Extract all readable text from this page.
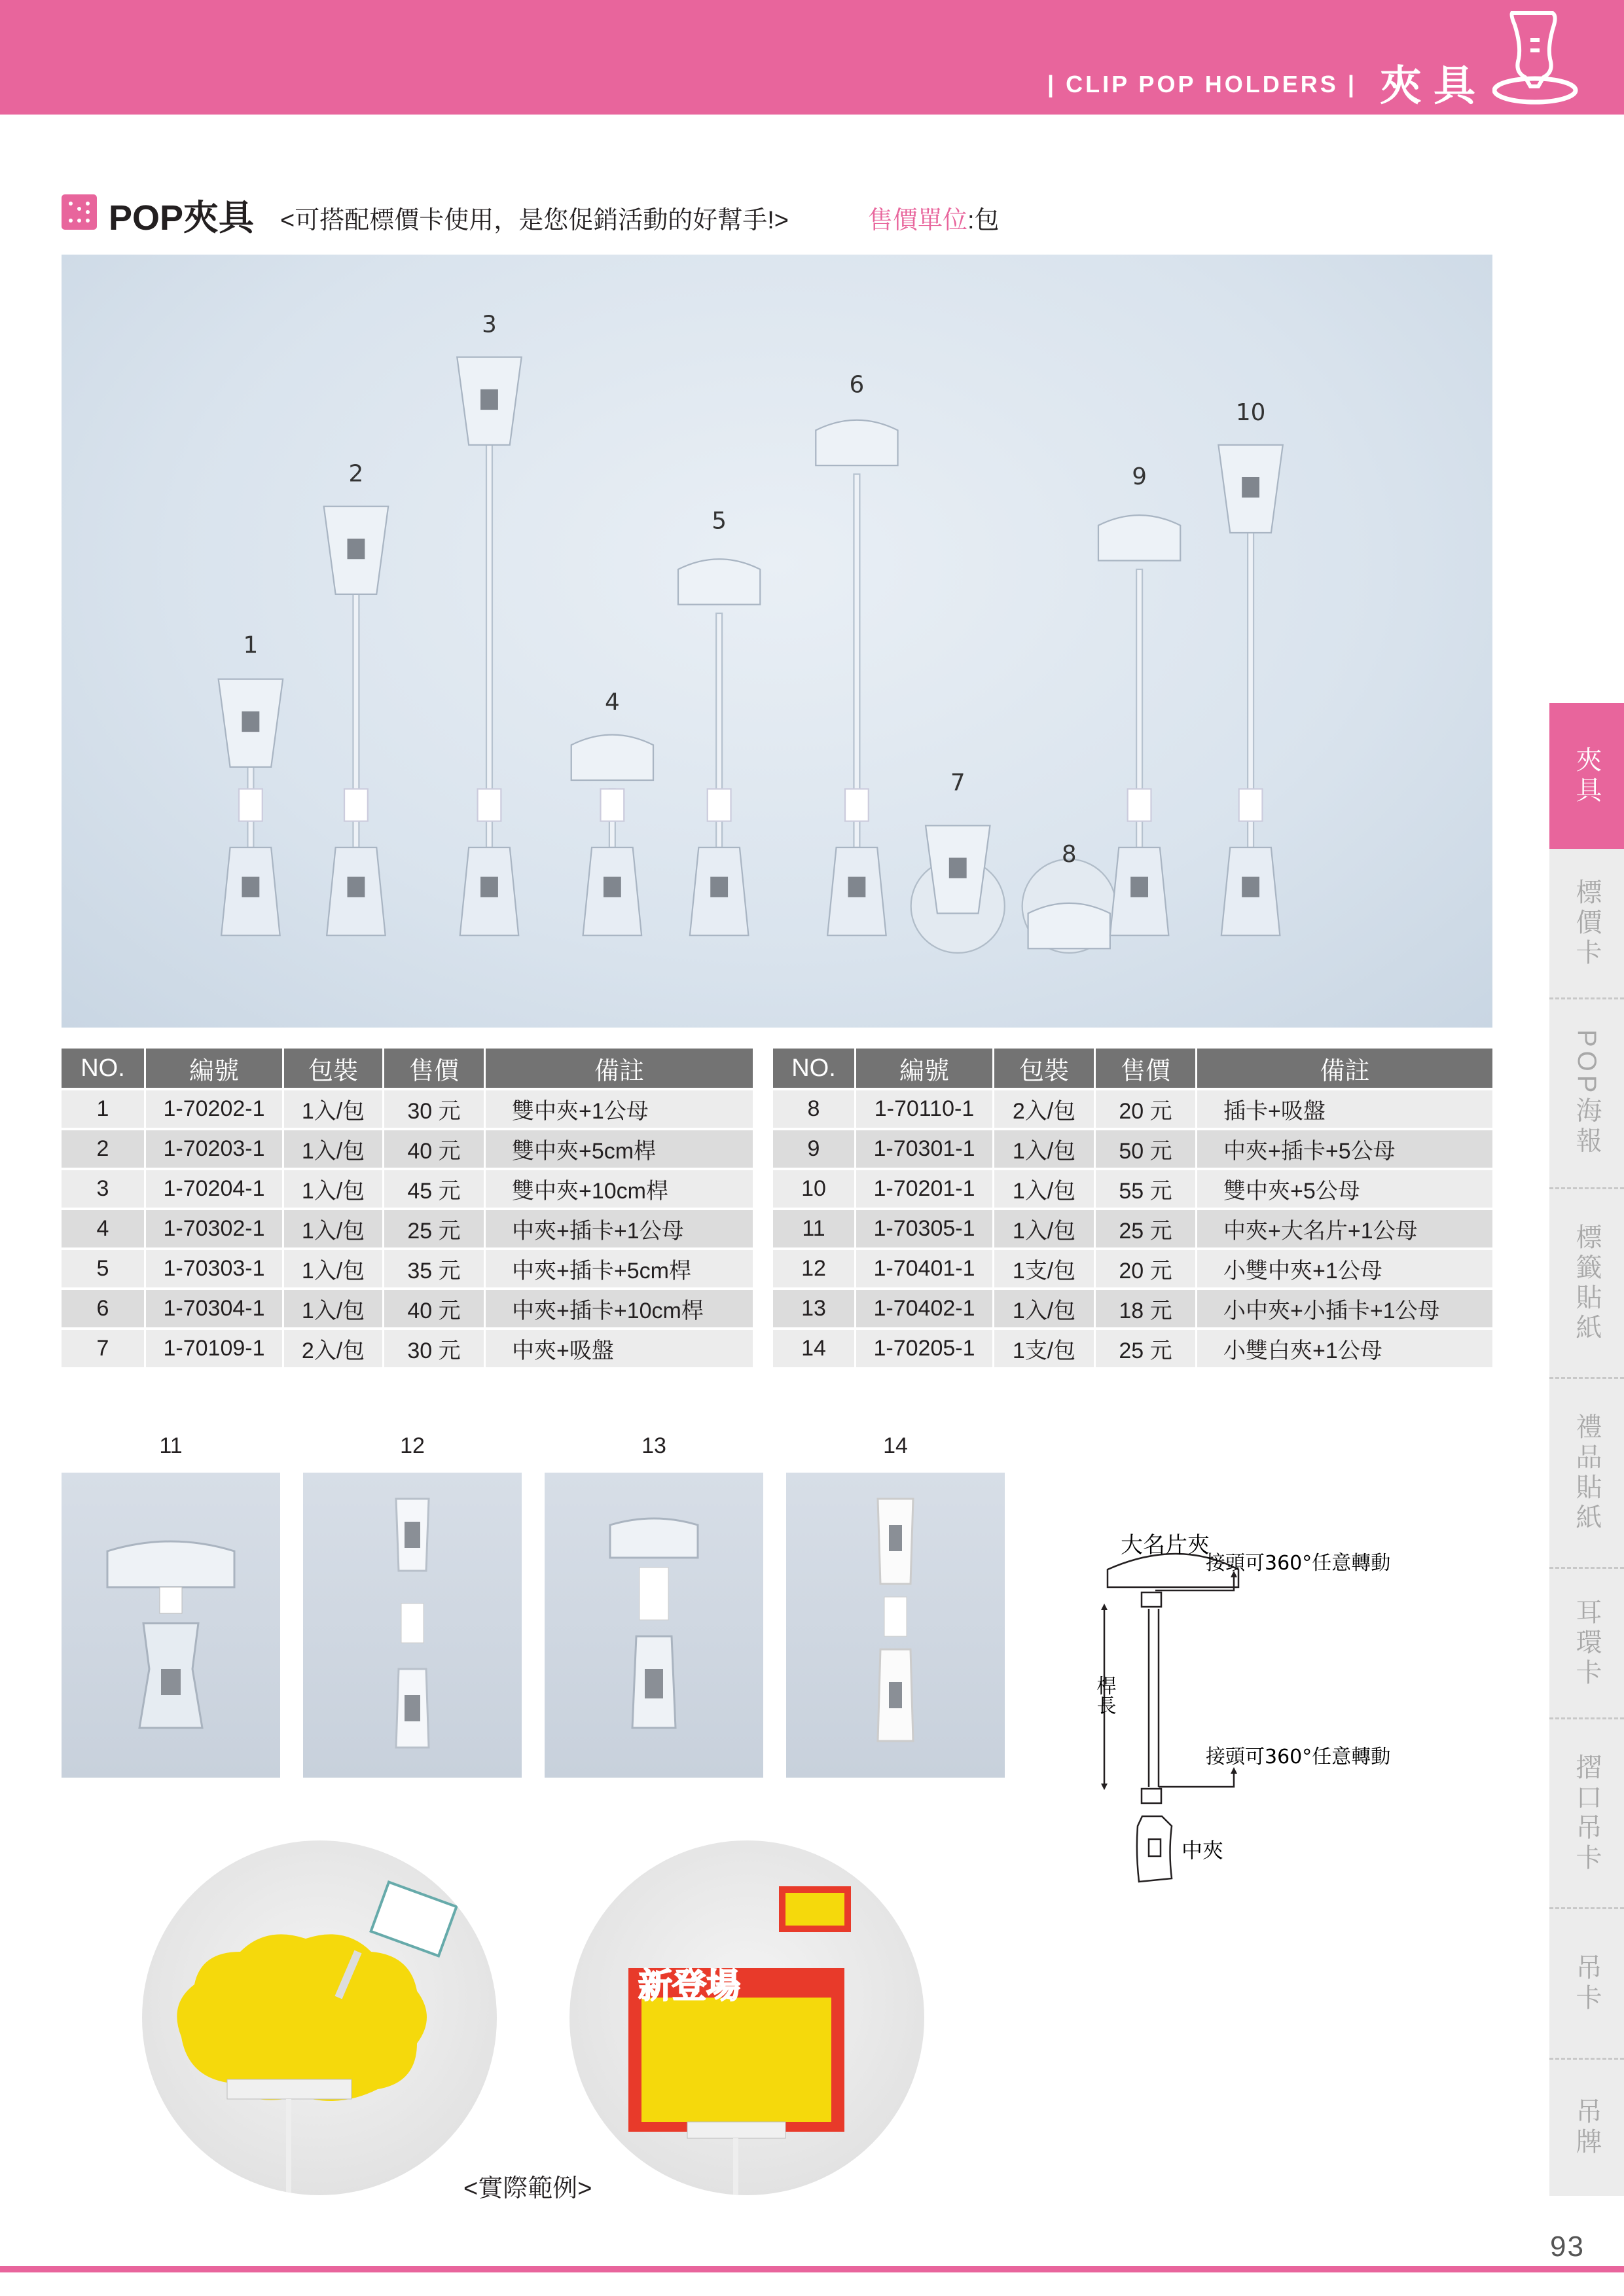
| CLIP POP HOLDERS | 夾具
POP夾具 <可搭配標價卡使用，是您促銷活動的好幫手!>	售價單位:包
1
2
3
4
5
6
7
8
9
10
NO.	編號	包裝	售價	備註
1	1-70202-1	1入/包	30 元	雙中夾+1公母
2	1-70203-1	1入/包	40 元	雙中夾+5cm桿
3	1-70204-1	1入/包	45 元	雙中夾+10cm桿
4	1-70302-1	1入/包	25 元	中夾+插卡+1公母
5	1-70303-1	1入/包	35 元	中夾+插卡+5cm桿
6	1-70304-1	1入/包	40 元	中夾+插卡+10cm桿
7	1-70109-1	2入/包	30 元	中夾+吸盤
NO.	編號	包裝	售價	備註
8	1-70110-1	2入/包	20 元	插卡+吸盤
9	1-70301-1	1入/包	50 元	中夾+插卡+5公母
10	1-70201-1	1入/包	55 元	雙中夾+5公母
11	1-70305-1	1入/包	25 元	中夾+大名片+1公母
12	1-70401-1	1支/包	20 元	小雙中夾+1公母
13	1-70402-1	1入/包	18 元	小中夾+小插卡+1公母
14	1-70205-1	1支/包	25 元	小雙白夾+1公母
11	12	13	14
新登場
<實際範例>
大名片夾
接頭可360°任意轉動
接頭可360°任意轉動
桿長
中夾
夾具
標價卡
POP海報
標籤貼紙
禮品貼紙
耳環卡
摺口吊卡
吊卡
吊牌
93
